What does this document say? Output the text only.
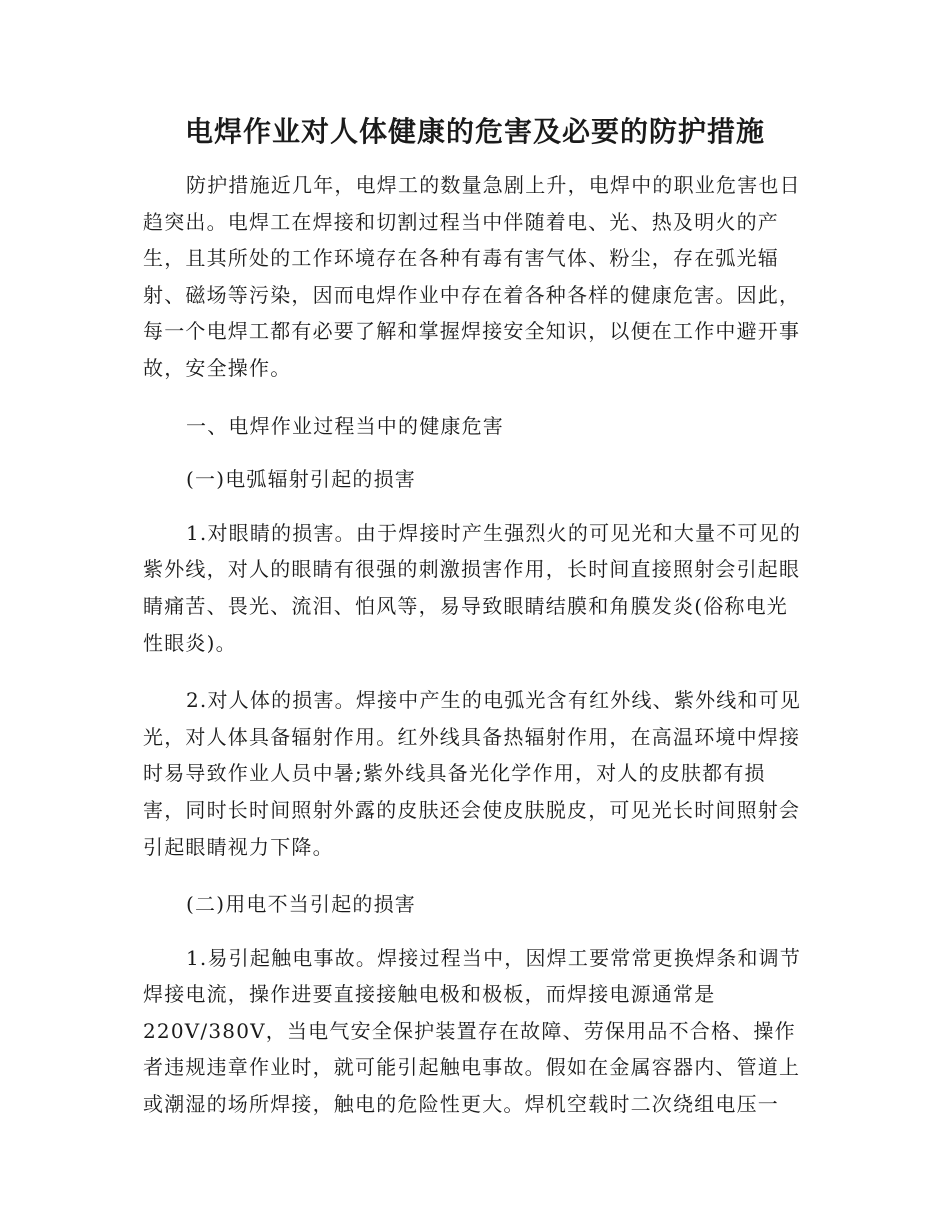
电焊作业对人体健康的危害及必要的防护措施

防护措施近几年，电焊工的数量急剧上升，电焊中的职业危害也日趋突出。电焊工在焊接和切割过程当中伴随着电、光、热及明火的产生，且其所处的工作环境存在各种有毒有害气体、粉尘，存在弧光辐射、磁场等污染，因而电焊作业中存在着各种各样的健康危害。因此，每一个电焊工都有必要了解和掌握焊接安全知识，以便在工作中避开事故，安全操作。

一、电焊作业过程当中的健康危害

(一)电弧辐射引起的损害

1.对眼睛的损害。由于焊接时产生强烈火的可见光和大量不可见的紫外线，对人的眼睛有很强的刺激损害作用，长时间直接照射会引起眼睛痛苦、畏光、流泪、怕风等，易导致眼睛结膜和角膜发炎(俗称电光性眼炎)。

2.对人体的损害。焊接中产生的电弧光含有红外线、紫外线和可见光，对人体具备辐射作用。红外线具备热辐射作用，在高温环境中焊接时易导致作业人员中暑;紫外线具备光化学作用，对人的皮肤都有损害，同时长时间照射外露的皮肤还会使皮肤脱皮，可见光长时间照射会引起眼睛视力下降。

(二)用电不当引起的损害

1.易引起触电事故。焊接过程当中，因焊工要常常更换焊条和调节焊接电流，操作进要直接接触电极和极板，而焊接电源通常是220V/380V，当电气安全保护装置存在故障、劳保用品不合格、操作者违规违章作业时，就可能引起触电事故。假如在金属容器内、管道上或潮湿的场所焊接，触电的危险性更大。焊机空载时二次绕组电压一
